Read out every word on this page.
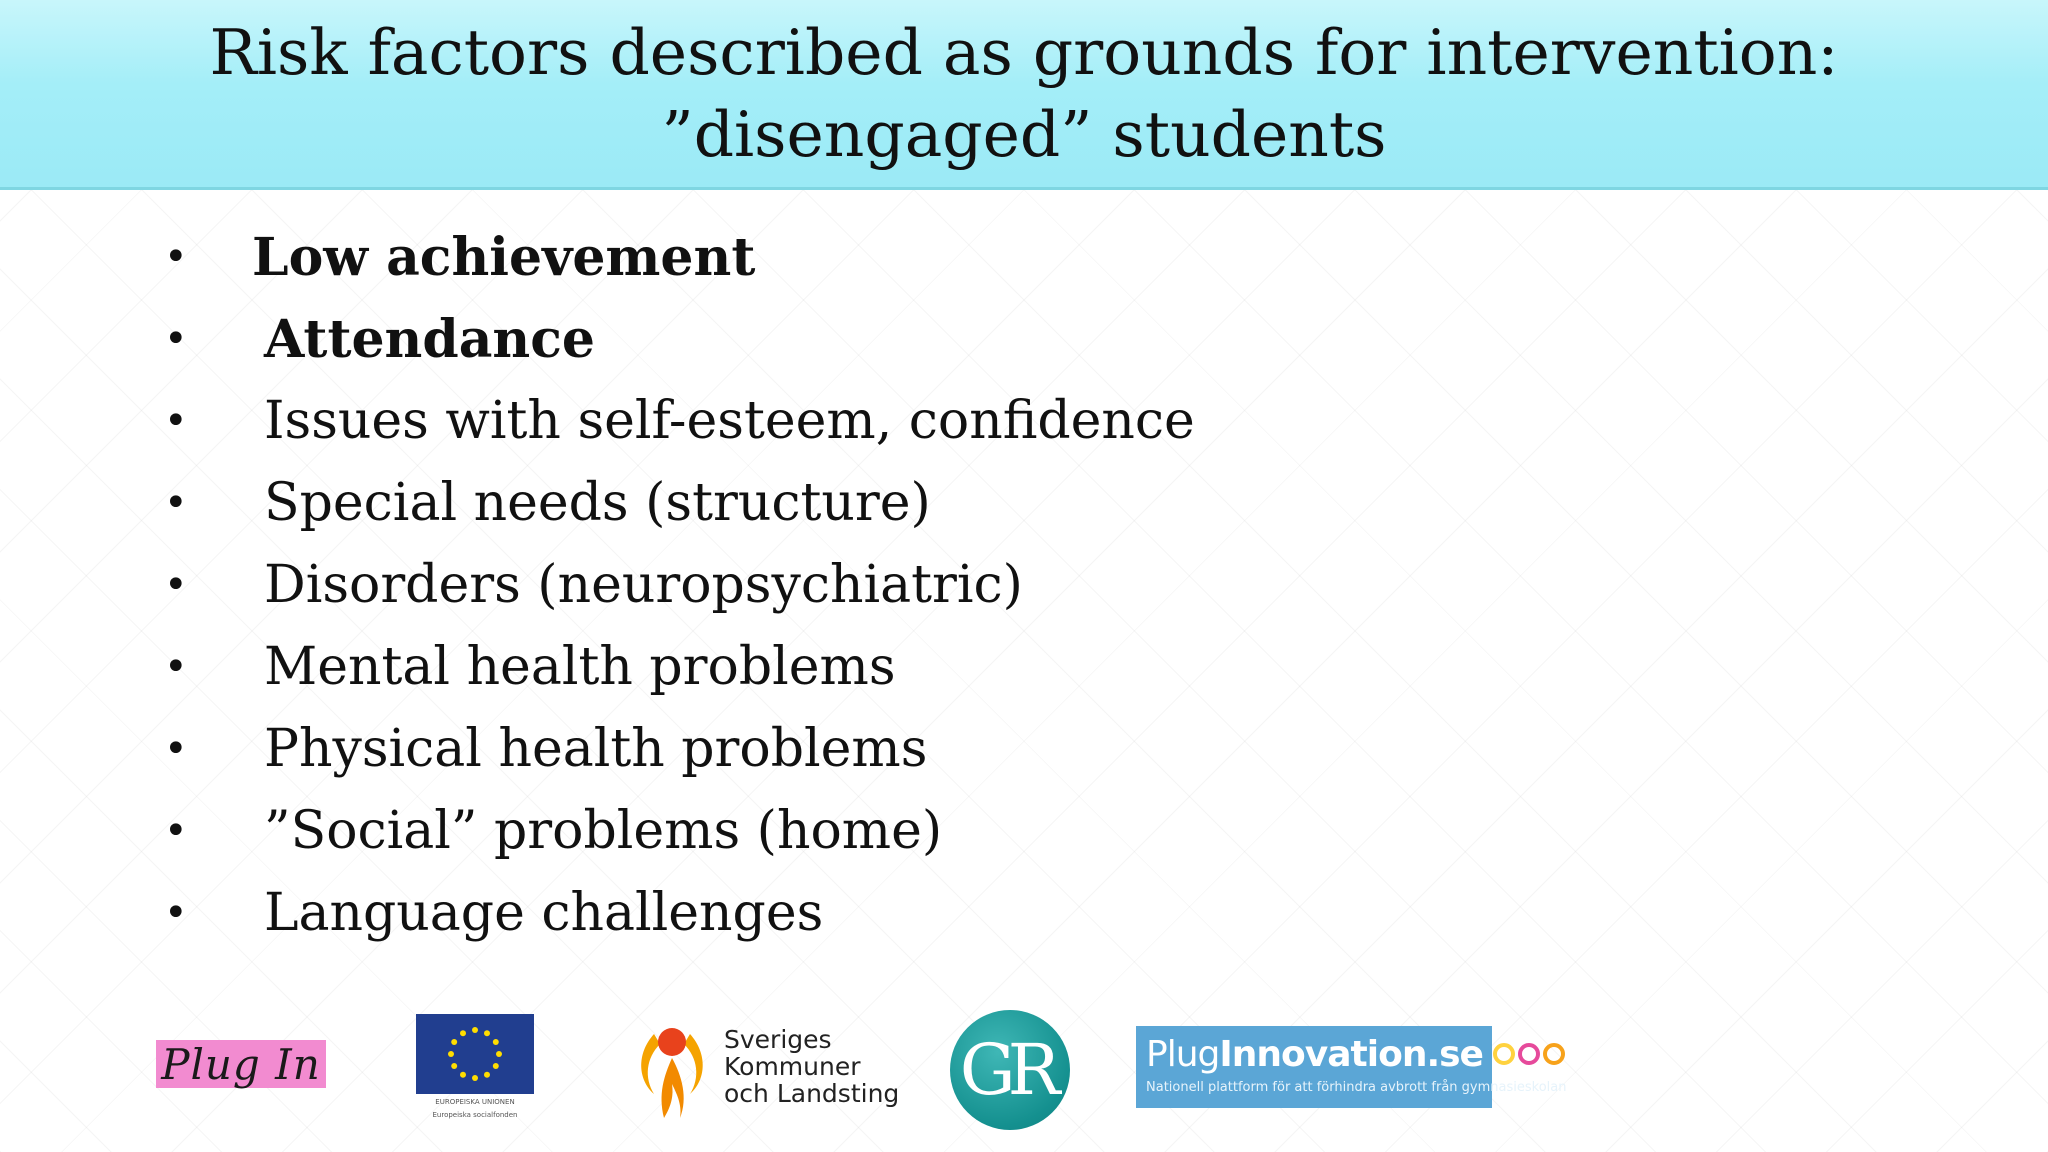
Risk factors described as grounds for intervention: ”disengaged” students
•	Low achievement
•	Attendance
•	Issues with self-esteem, confidence
•	Special needs (structure)
•	Disorders (neuropsychiatric)
•	Mental health problems
•	Physical health problems
•	”Social” problems (home)
•	Language challenges
Plug In
EUROPEISKA UNIONEN
Europeiska socialfonden
Sveriges
Kommuner
och Landsting GR	PlugInnovation.se
Nationell plattform för att förhindra avbrott från gymnasieskolan
